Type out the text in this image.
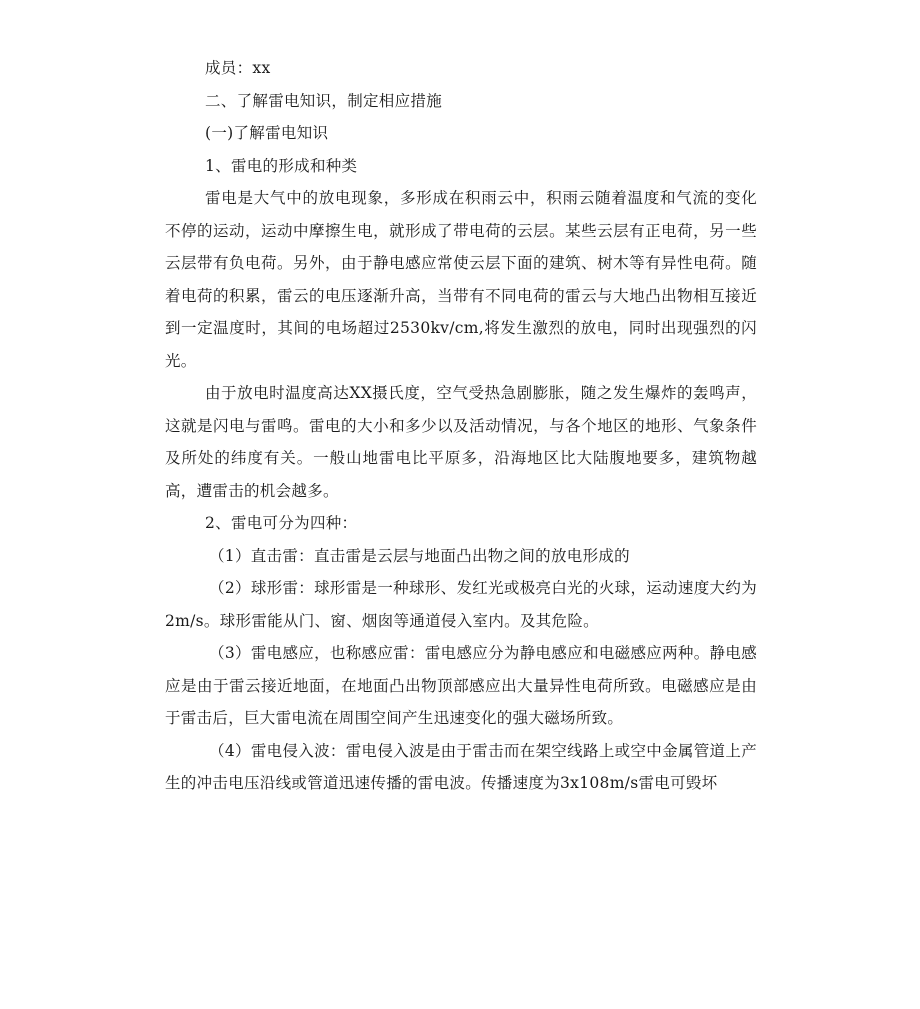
成员：xx

二、了解雷电知识，制定相应措施

(一)了解雷电知识

1、雷电的形成和种类

雷电是大气中的放电现象，多形成在积雨云中，积雨云随着温度和气流的变化不停的运动，运动中摩擦生电，就形成了带电荷的云层。某些云层有正电荷，另一些云层带有负电荷。另外，由于静电感应常使云层下面的建筑、树木等有异性电荷。随着电荷的积累，雷云的电压逐渐升高，当带有不同电荷的雷云与大地凸出物相互接近到一定温度时，其间的电场超过2530kv/cm,将发生激烈的放电，同时出现强烈的闪光。

由于放电时温度高达XX摄氏度，空气受热急剧膨胀，随之发生爆炸的轰鸣声，这就是闪电与雷鸣。雷电的大小和多少以及活动情况，与各个地区的地形、气象条件及所处的纬度有关。一般山地雷电比平原多，沿海地区比大陆腹地要多，建筑物越高，遭雷击的机会越多。

2、雷电可分为四种：

（1）直击雷：直击雷是云层与地面凸出物之间的放电形成的

（2）球形雷：球形雷是一种球形、发红光或极亮白光的火球，运动速度大约为2m/s。球形雷能从门、窗、烟囱等通道侵入室内。及其危险。

（3）雷电感应，也称感应雷：雷电感应分为静电感应和电磁感应两种。静电感应是由于雷云接近地面，在地面凸出物顶部感应出大量异性电荷所致。电磁感应是由于雷击后，巨大雷电流在周围空间产生迅速变化的强大磁场所致。

（4）雷电侵入波：雷电侵入波是由于雷击而在架空线路上或空中金属管道上产生的冲击电压沿线或管道迅速传播的雷电波。传播速度为3x108m/s雷电可毁坏
